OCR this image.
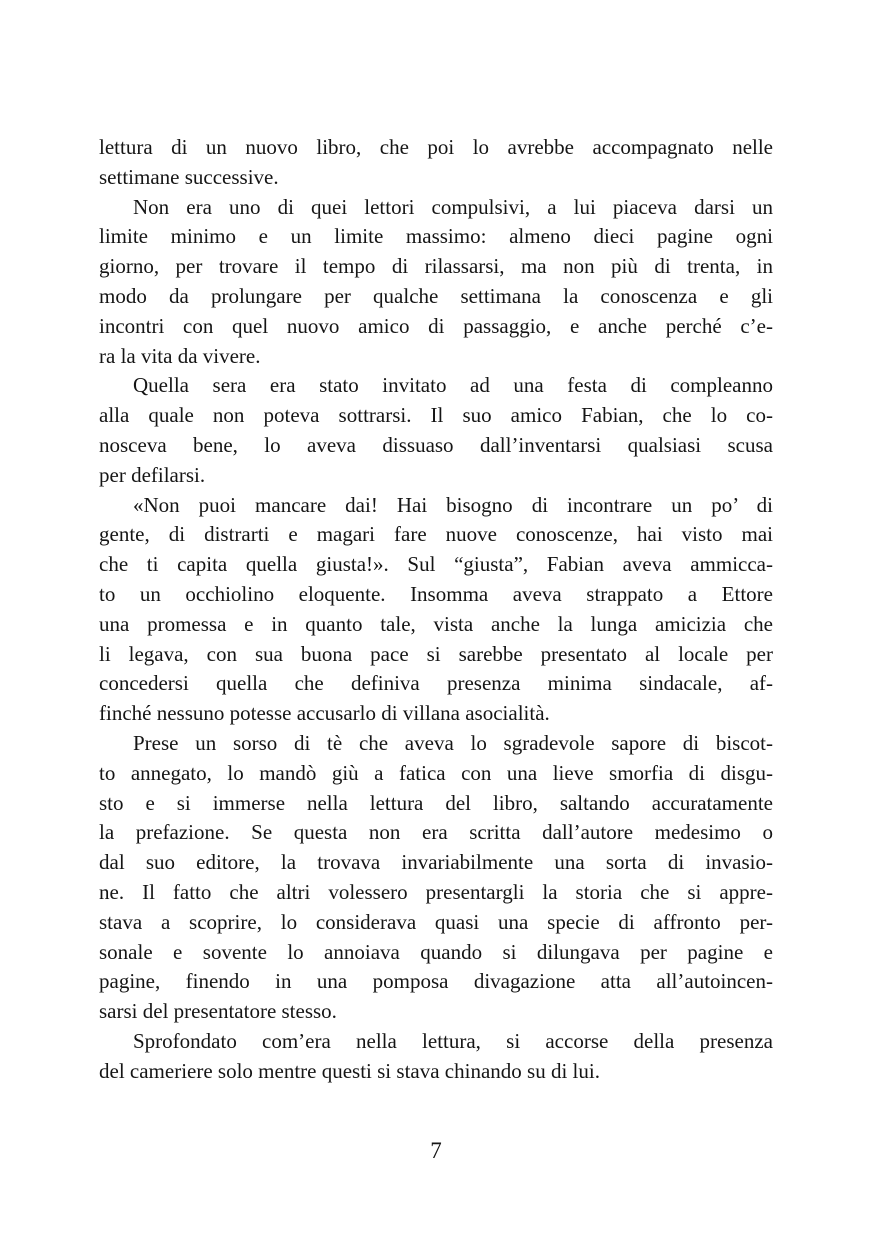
lettura di un nuovo libro, che poi lo avrebbe accompagnato nelle
settimane successive.
Non era uno di quei lettori compulsivi, a lui piaceva darsi un
limite minimo e un limite massimo: almeno dieci pagine ogni
giorno, per trovare il tempo di rilassarsi, ma non più di trenta, in
modo da prolungare per qualche settimana la conoscenza e gli
incontri con quel nuovo amico di passaggio, e anche perché c’e-
ra la vita da vivere.
Quella sera era stato invitato ad una festa di compleanno
alla quale non poteva sottrarsi. Il suo amico Fabian, che lo co-
nosceva bene, lo aveva dissuaso dall’inventarsi qualsiasi scusa
per defilarsi.
«Non puoi mancare dai! Hai bisogno di incontrare un po’ di
gente, di distrarti e magari fare nuove conoscenze, hai visto mai
che ti capita quella giusta!». Sul “giusta”, Fabian aveva ammicca-
to un occhiolino eloquente. Insomma aveva strappato a Ettore
una promessa e in quanto tale, vista anche la lunga amicizia che
li legava, con sua buona pace si sarebbe presentato al locale per
concedersi quella che definiva presenza minima sindacale, af-
finché nessuno potesse accusarlo di villana asocialità.
Prese un sorso di tè che aveva lo sgradevole sapore di biscot-
to annegato, lo mandò giù a fatica con una lieve smorfia di disgu-
sto e si immerse nella lettura del libro, saltando accuratamente
la prefazione. Se questa non era scritta dall’autore medesimo o
dal suo editore, la trovava invariabilmente una sorta di invasio-
ne. Il fatto che altri volessero presentargli la storia che si appre-
stava a scoprire, lo considerava quasi una specie di affronto per-
sonale e sovente lo annoiava quando si dilungava per pagine e
pagine, finendo in una pomposa divagazione atta all’autoincen-
sarsi del presentatore stesso.
Sprofondato com’era nella lettura, si accorse della presenza
del cameriere solo mentre questi si stava chinando su di lui.
7
